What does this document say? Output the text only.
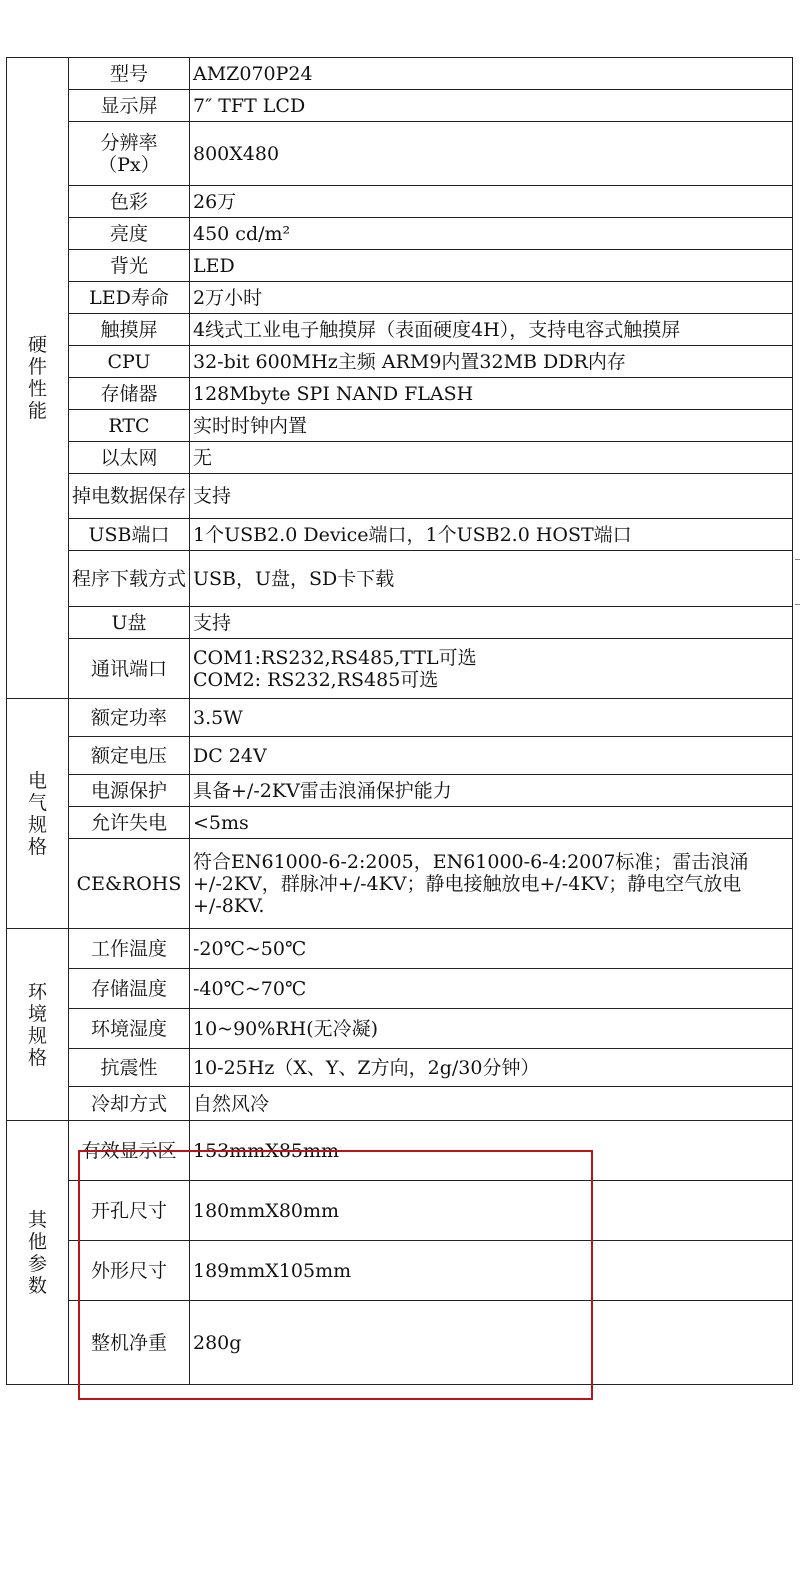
硬件性能	型号	AMZ070P24
	显示屏	7″ TFT LCD
	分辨率
（Px）	800X480
	色彩	26万
	亮度	450 cd/m²
	背光	LED
	LED寿命	2万小时
	触摸屏	4线式工业电子触摸屏（表面硬度4H），支持电容式触摸屏
	CPU	32-bit 600MHz主频 ARM9内置32MB DDR内存
	存储器	128Mbyte SPI NAND FLASH
	RTC	实时时钟内置
	以太网	无
	掉电数据保存	支持
	USB端口	1个USB2.0 Device端口，1个USB2.0 HOST端口
	程序下载方式	USB，U盘，SD卡下载
	U盘	支持
	通讯端口	COM1:RS232,RS485,TTL可选
COM2: RS232,RS485可选
电气规格	额定功率	3.5W
	额定电压	DC 24V
	电源保护	具备+/-2KV雷击浪涌保护能力
	允许失电	<5ms
	CE&ROHS	符合EN61000-6-2:2005，EN61000-6-4:2007标准；雷击浪涌+/-2KV，群脉冲+/-4KV；静电接触放电+/-4KV；静电空气放电+/-8KV.
环境规格	工作温度	-20℃~50℃
	存储温度	-40℃~70℃
	环境湿度	10~90%RH(无冷凝)
	抗震性	10-25Hz（X、Y、Z方向，2g/30分钟）
	冷却方式	自然风冷
其他参数	有效显示区	153mmX85mm
	开孔尺寸	180mmX80mm
	外形尺寸	189mmX105mm
	整机净重	280g
